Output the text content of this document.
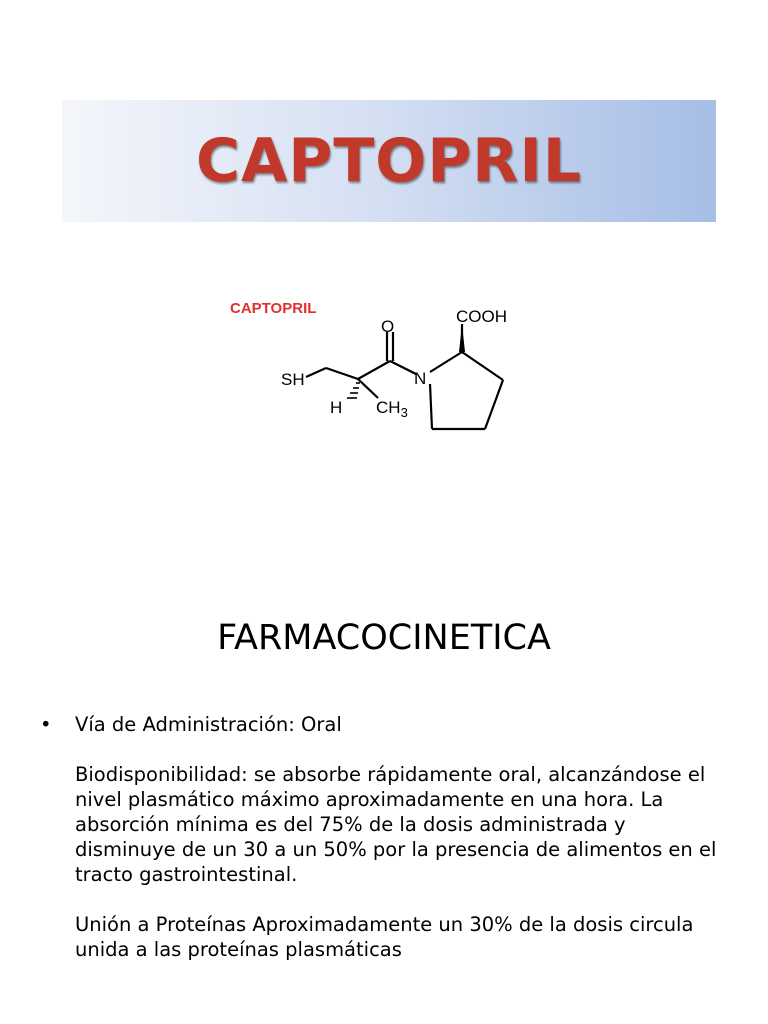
CAPTOPRIL
CAPTOPRIL
O
COOH
SH	N
H $CH_3$
FARMACOCINETICA
•	Vía de Administración: Oral

Biodisponibilidad: se absorbe rápidamente oral, alcanzándose el nivel plasmático máximo aproximadamente en una hora. La absorción mínima es del 75% de la dosis administrada y disminuye de un 30 a un 50% por la presencia de alimentos en el tracto gastrointestinal.

Unión a Proteínas Aproximadamente un 30% de la dosis circula unida a las proteínas plasmáticas
